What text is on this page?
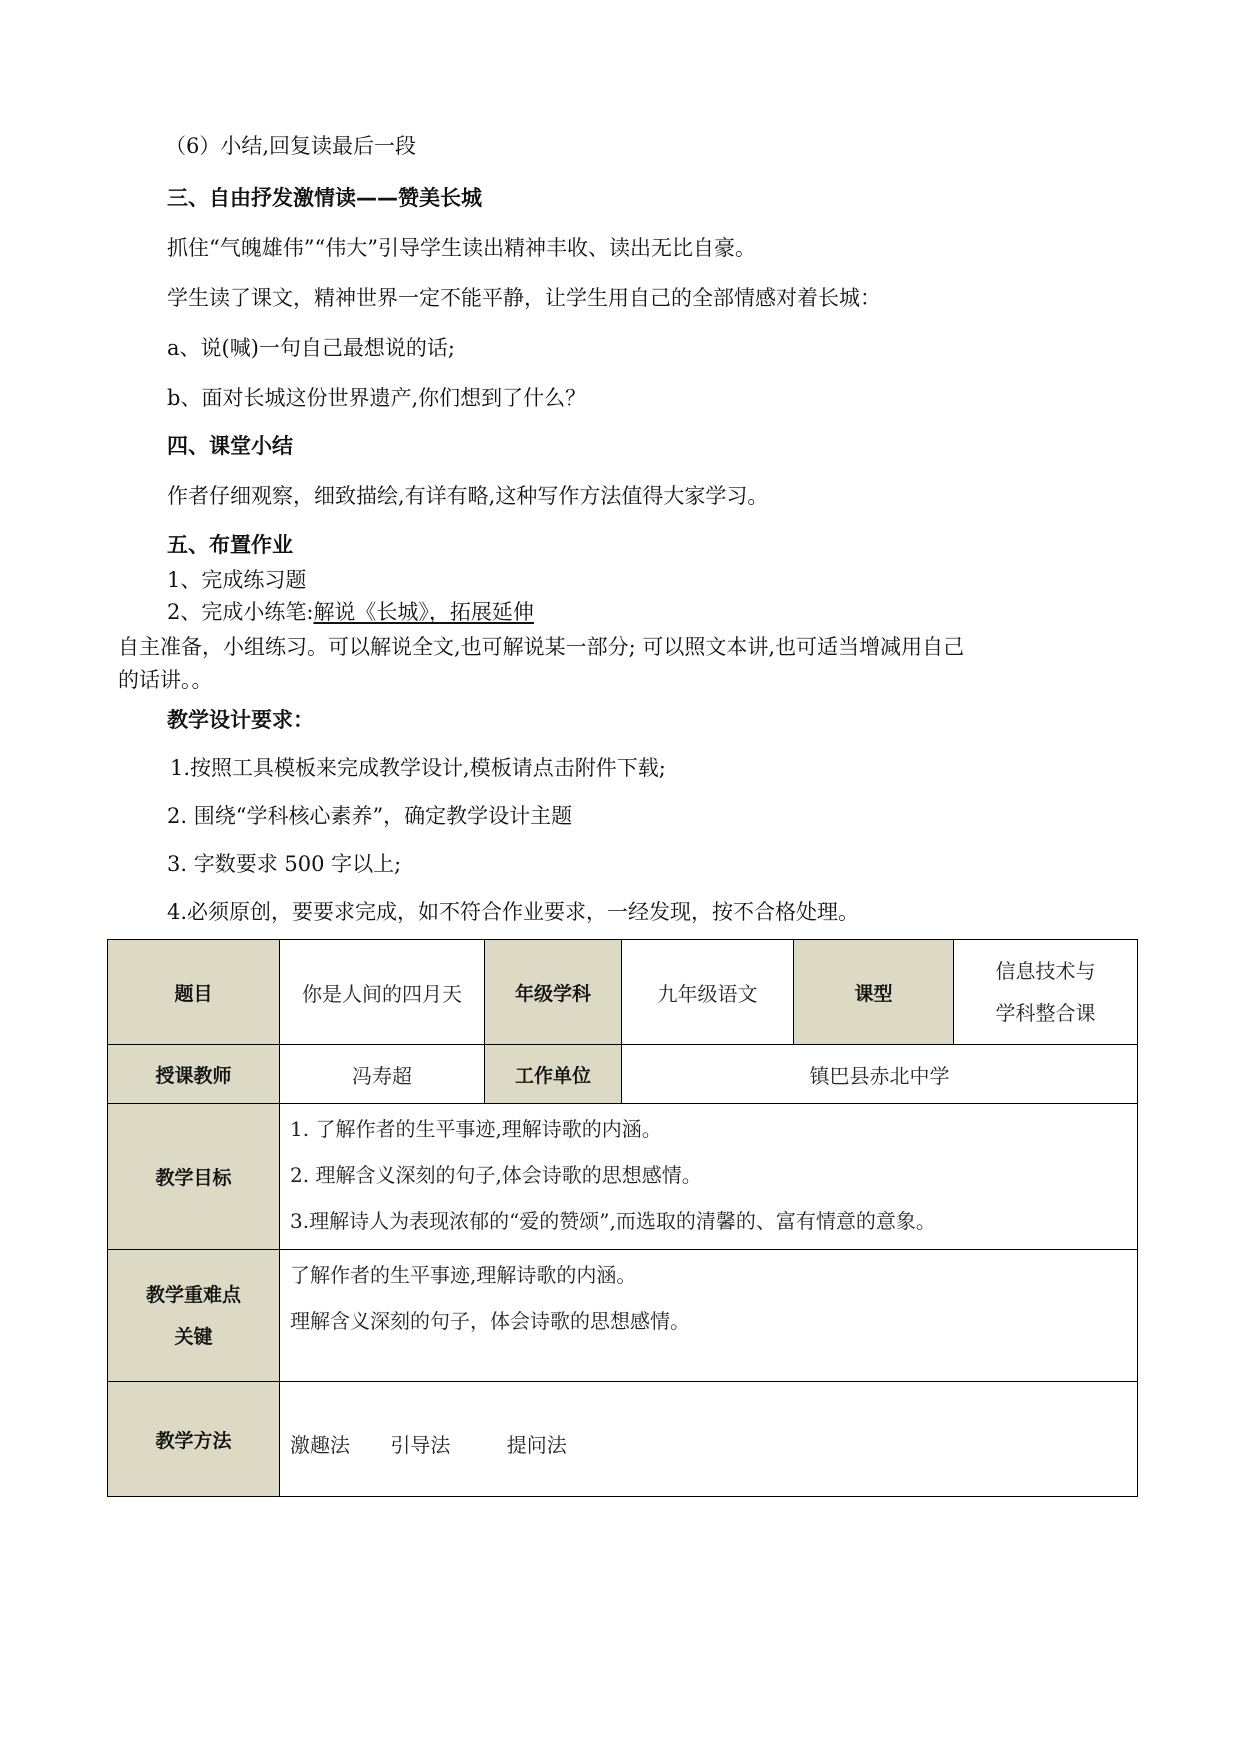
（6）小结,回复读最后一段
三、自由抒发激情读——赞美长城
抓住“气魄雄伟”“伟大”引导学生读出精神丰收、读出无比自豪。
学生读了课文，精神世界一定不能平静，让学生用自己的全部情感对着长城：
a、说(喊)一句自己最想说的话;
b、面对长城这份世界遗产,你们想到了什么？
四、课堂小结
作者仔细观察，细致描绘,有详有略,这种写作方法值得大家学习。
五、布置作业
1、完成练习题
2、完成小练笔:解说《长城》，拓展延伸
自主准备，小组练习。可以解说全文,也可解说某一部分; 可以照文本讲,也可适当增减用自己
的话讲。。
教学设计要求：
1.按照工具模板来完成教学设计,模板请点击附件下载;
2. 围绕“学科核心素养”，确定教学设计主题
3. 字数要求 500 字以上;
4.必须原创，要要求完成，如不符合作业要求，一经发现，按不合格处理。
题目	你是人间的四月天	年级学科	九年级语文	课型	信息技术与
学科整合课

授课教师	冯寿超	工作单位	镇巴县赤北中学		
教学目标	1. 了解作者的生平事迹,理解诗歌的内涵。
2. 理解含义深刻的句子,体会诗歌的思想感情。
3.理解诗人为表现浓郁的“爱的赞颂”,而选取的清馨的、富有情意的意象。				

教学重难点
关键	了解作者的生平事迹,理解诗歌的内涵。
理解含义深刻的句子，体会诗歌的思想感情。				

教学方法	激趣法 引导法 提问法				
